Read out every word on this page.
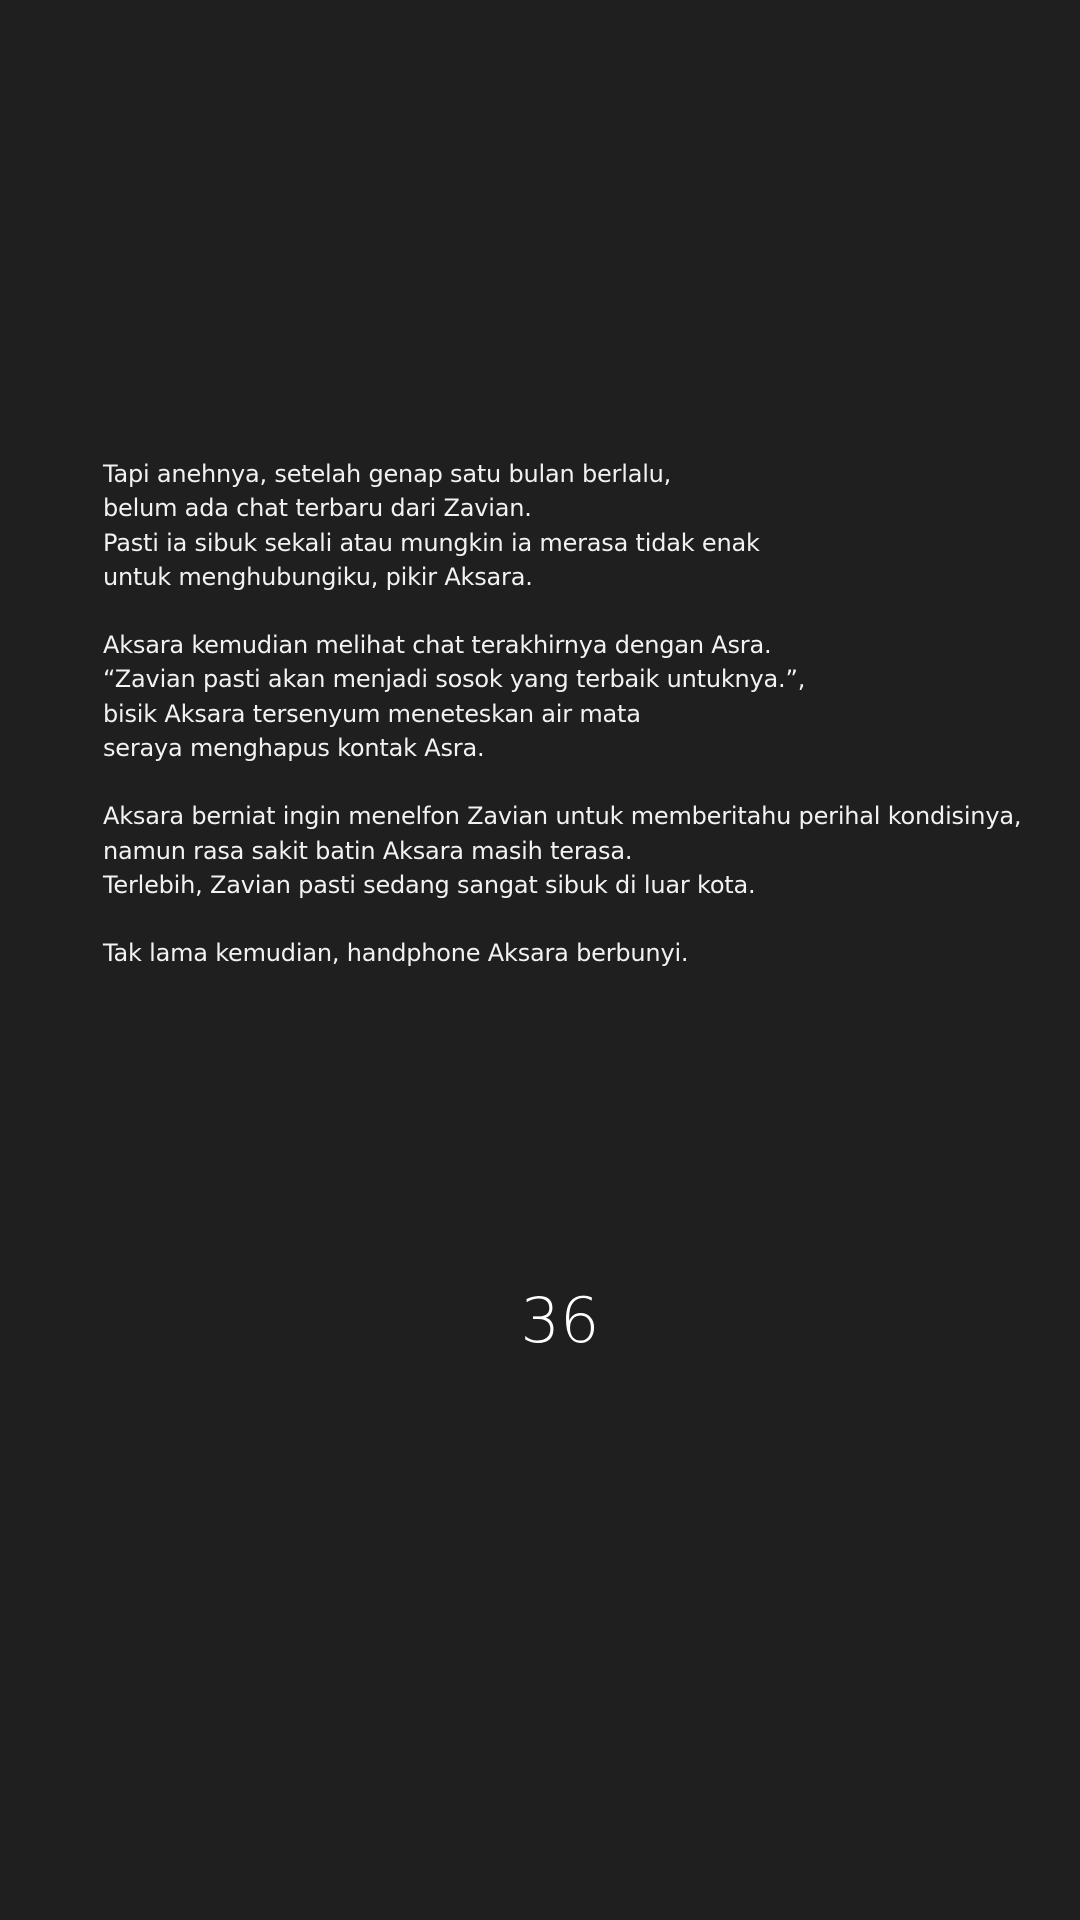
Tapi anehnya, setelah genap satu bulan berlalu,
belum ada chat terbaru dari Zavian.
Pasti ia sibuk sekali atau mungkin ia merasa tidak enak
untuk menghubungiku, pikir Aksara.

Aksara kemudian melihat chat terakhirnya dengan Asra.
“Zavian pasti akan menjadi sosok yang terbaik untuknya.”,
bisik Aksara tersenyum meneteskan air mata
seraya menghapus kontak Asra.

Aksara berniat ingin menelfon Zavian untuk memberitahu perihal kondisinya,
namun rasa sakit batin Aksara masih terasa.
Terlebih, Zavian pasti sedang sangat sibuk di luar kota.

Tak lama kemudian, handphone Aksara berbunyi.

36
